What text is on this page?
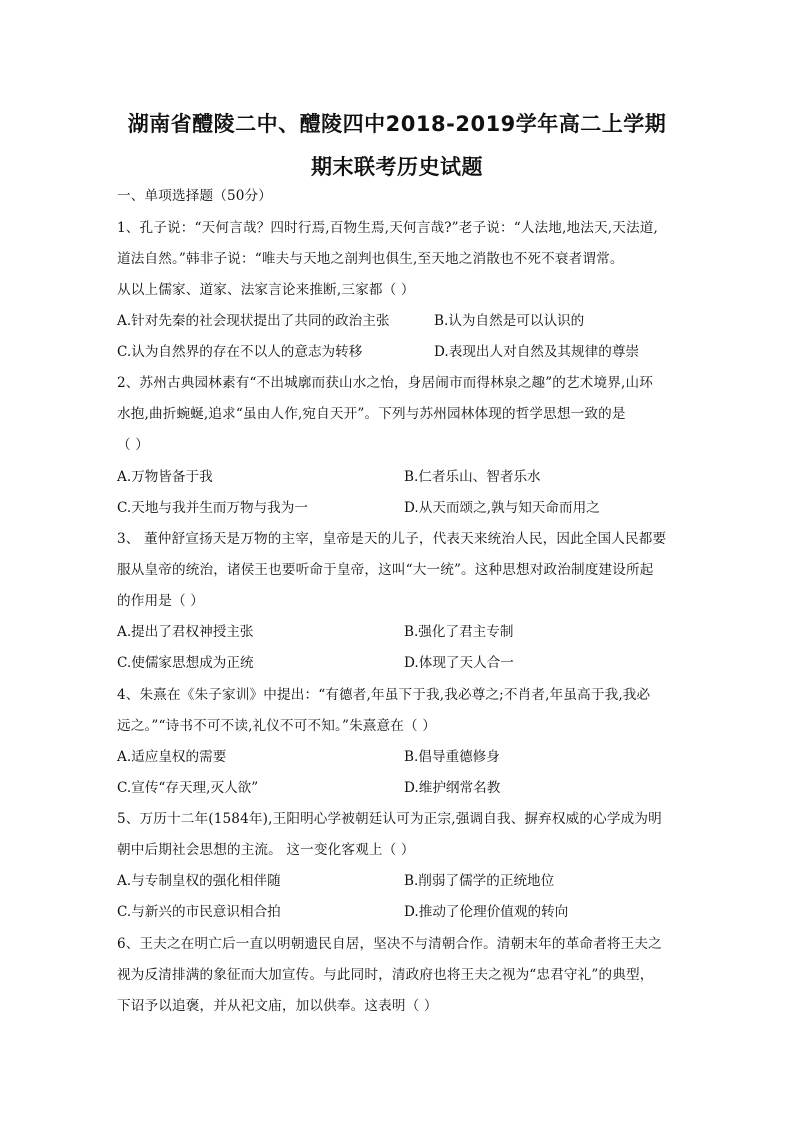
湖南省醴陵二中、醴陵四中2018-2019学年高二上学期
期末联考历史试题
一、单项选择题（50分）
1、孔子说：“天何言哉？四时行焉,百物生焉,天何言哉?”老子说：“人法地,地法天,天法道,
道法自然。”韩非子说：“唯夫与天地之剖判也俱生,至天地之消散也不死不衰者谓常。
从以上儒家、道家、法家言论来推断,三家都（ ）
A.针对先秦的社会现状提出了共同的政治主张	B.认为自然是可以认识的
C.认为自然界的存在不以人的意志为转移	D.表现出人对自然及其规律的尊崇
2、苏州古典园林素有“不出城廓而获山水之怡，身居闹市而得林泉之趣”的艺术境界,山环
水抱,曲折蜿蜒,追求“虽由人作,宛自天开”。下列与苏州园林体现的哲学思想一致的是
（ ）
A.万物皆备于我	B.仁者乐山、智者乐水
C.天地与我并生而万物与我为一	D.从天而颂之,孰与知天命而用之
3、 董仲舒宣扬天是万物的主宰，皇帝是天的儿子，代表天来统治人民，因此全国人民都要
服从皇帝的统治，诸侯王也要听命于皇帝，这叫“大一统”。这种思想对政治制度建设所起
的作用是（ ）
A.提出了君权神授主张	B.强化了君主专制
C.使儒家思想成为正统	D.体现了天人合一
4、朱熹在《朱子家训》中提出：“有德者,年虽下于我,我必尊之;不肖者,年虽高于我,我必
远之。”“诗书不可不读,礼仪不可不知。”朱熹意在（ ）
A.适应皇权的需要	B.倡导重德修身
C.宣传“存天理,灭人欲”	D.维护纲常名教
5、万历十二年(1584年),王阳明心学被朝廷认可为正宗,强调自我、摒弃权威的心学成为明
朝中后期社会思想的主流。 这一变化客观上（ ）
A.与专制皇权的强化相伴随	B.削弱了儒学的正统地位
C.与新兴的市民意识相合拍	D.推动了伦理价值观的转向
6、王夫之在明亡后一直以明朝遗民自居，坚决不与清朝合作。清朝末年的革命者将王夫之
视为反清排满的象征而大加宣传。与此同时，清政府也将王夫之视为“忠君守礼”的典型，
下诏予以追褒，并从祀文庙，加以供奉。这表明（ ）
